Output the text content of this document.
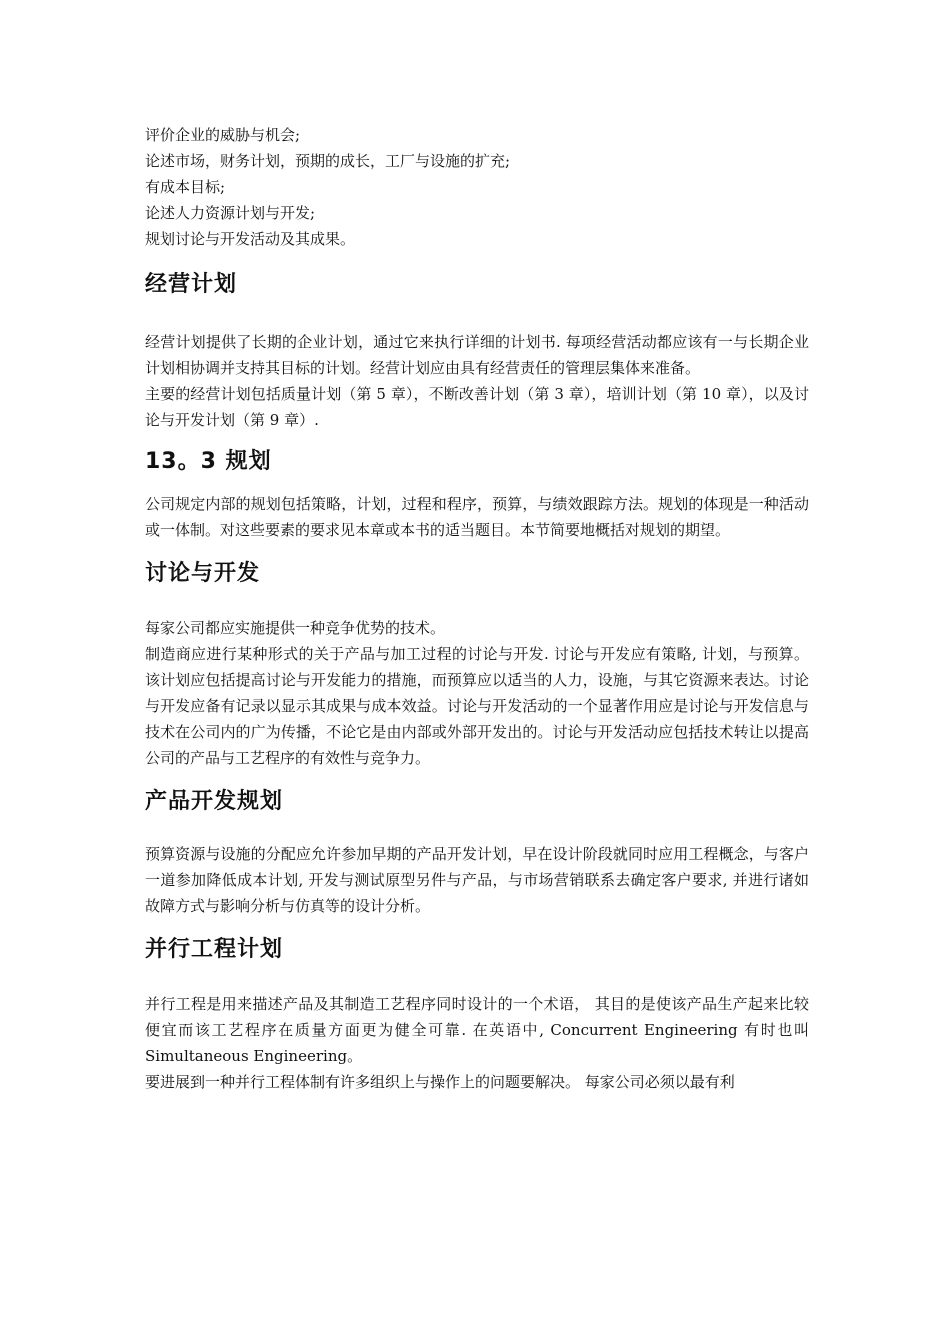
评价企业的威胁与机会;

论述市场，财务计划，预期的成长，工厂与设施的扩充;

有成本目标;

论述人力资源计划与开发;

规划讨论与开发活动及其成果。

经营计划

经营计划提供了长期的企业计划，通过它来执行详细的计划书. 每项经营活动都应该有一与长期企业计划相协调并支持其目标的计划。经营计划应由具有经营责任的管理层集体来准备。

主要的经营计划包括质量计划（第 5 章），不断改善计划（第 3 章），培训计划（第 10 章），以及讨论与开发计划（第 9 章）.

13。3 规划

公司规定内部的规划包括策略，计划，过程和程序，预算，与绩效跟踪方法。规划的体现是一种活动或一体制。对这些要素的要求见本章或本书的适当题目。本节简要地概括对规划的期望。

讨论与开发

每家公司都应实施提供一种竞争优势的技术。

制造商应进行某种形式的关于产品与加工过程的讨论与开发. 讨论与开发应有策略, 计划，与预算。该计划应包括提高讨论与开发能力的措施，而预算应以适当的人力，设施，与其它资源来表达。讨论与开发应备有记录以显示其成果与成本效益。讨论与开发活动的一个显著作用应是讨论与开发信息与技术在公司内的广为传播，不论它是由内部或外部开发出的。讨论与开发活动应包括技术转让以提高公司的产品与工艺程序的有效性与竞争力。

产品开发规划

预算资源与设施的分配应允许参加早期的产品开发计划，早在设计阶段就同时应用工程概念，与客户一道参加降低成本计划, 开发与测试原型另件与产品，与市场营销联系去确定客户要求, 并进行诸如故障方式与影响分析与仿真等的设计分析。

并行工程计划

并行工程是用来描述产品及其制造工艺程序同时设计的一个术语， 其目的是使该产品生产起来比较便宜而该工艺程序在质量方面更为健全可靠. 在英语中, Concurrent Engineering 有时也叫 Simultaneous Engineering。

要进展到一种并行工程体制有许多组织上与操作上的问题要解决。 每家公司必须以最有利
